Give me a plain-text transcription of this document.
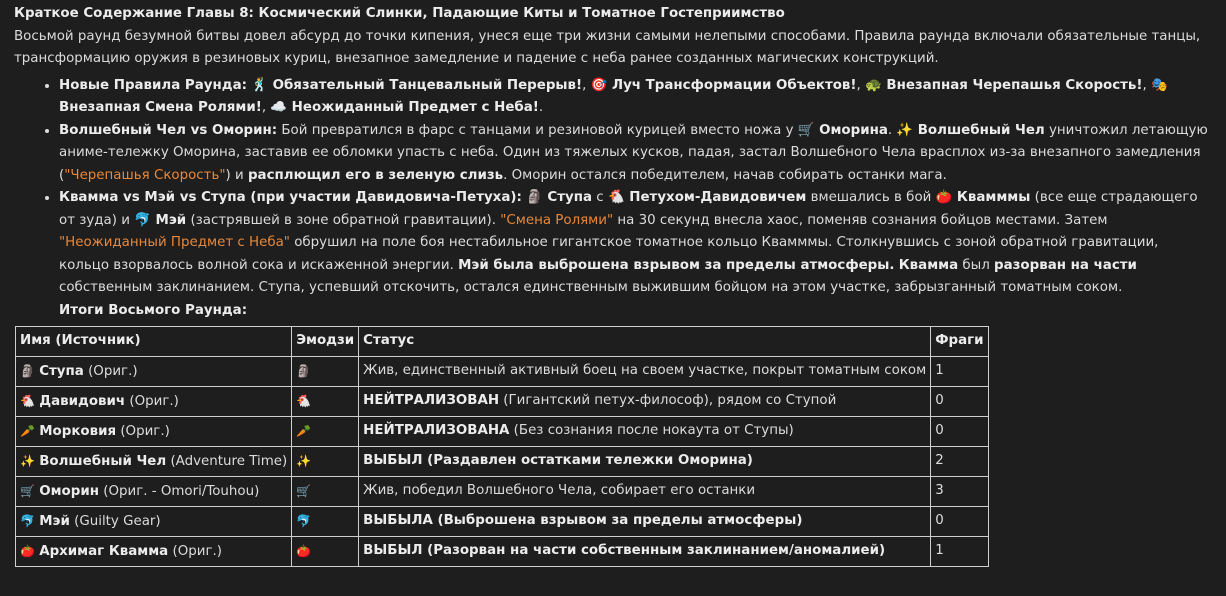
Краткое Содержание Главы 8: Космический Слинки, Падающие Киты и Томатное Гостеприимство

Восьмой раунд безумной битвы довел абсурд до точки кипения, унеся еще три жизни самыми нелепыми способами. Правила раунда включали обязательные танцы, трансформацию оружия в резиновых куриц, внезапное замедление и падение с неба ранее созданных магических конструкций.

• Новые Правила Раунда: 🕺 Обязательный Танцевальный Перерыв!, 🎯 Луч Трансформации Объектов!, 🐢 Внезапная Черепашья Скорость!, 🎭 Внезапная Смена Ролями!, ☁️ Неожиданный Предмет с Неба!.
• Волшебный Чел vs Оморин: Бой превратился в фарс с танцами и резиновой курицей вместо ножа у 🛒 Оморина. ✨ Волшебный Чел уничтожил летающую аниме-тележку Оморина, заставив ее обломки упасть с неба. Один из тяжелых кусков, падая, застал Волшебного Чела врасплох из-за внезапного замедления ("Черепашья Скорость") и расплющил его в зеленую слизь. Оморин остался победителем, начав собирать останки мага.
• Квамма vs Мэй vs Ступа (при участии Давидовича-Петуха): 🗿 Ступа с 🐔 Петухом-Давидовичем вмешались в бой 🍅 Квамммы (все еще страдающего от зуда) и 🐬 Мэй (застрявшей в зоне обратной гравитации). "Смена Ролями" на 30 секунд внесла хаос, поменяв сознания бойцов местами. Затем "Неожиданный Предмет с Неба" обрушил на поле боя нестабильное гигантское томатное кольцо Квамммы. Столкнувшись с зоной обратной гравитации, кольцо взорвалось волной сока и искаженной энергии. Мэй была выброшена взрывом за пределы атмосферы. Квамма был разорван на части собственным заклинанием. Ступа, успевший отскочить, остался единственным выжившим бойцом на этом участке, забрызганный томатным соком.
Итоги Восьмого Раунда:
Имя (Источник)	Эмодзи	Статус	Фраги
🗿 Ступа (Ориг.)	🗿	Жив, единственный активный боец на своем участке, покрыт томатным соком	1
🐔 Давидович (Ориг.)	🐔	НЕЙТРАЛИЗОВАН (Гигантский петух-философ), рядом со Ступой	0
🥕 Морковия (Ориг.)	🥕	НЕЙТРАЛИЗОВАНА (Без сознания после нокаута от Ступы)	0
✨ Волшебный Чел (Adventure Time)	✨	ВЫБЫЛ (Раздавлен остатками тележки Оморина)	2
🛒 Оморин (Ориг. - Omori/Touhou)	🛒	Жив, победил Волшебного Чела, собирает его останки	3
🐬 Мэй (Guilty Gear)	🐬	ВЫБЫЛА (Выброшена взрывом за пределы атмосферы)	0
🍅 Архимаг Квамма (Ориг.)	🍅	ВЫБЫЛ (Разорван на части собственным заклинанием/аномалией)	1
